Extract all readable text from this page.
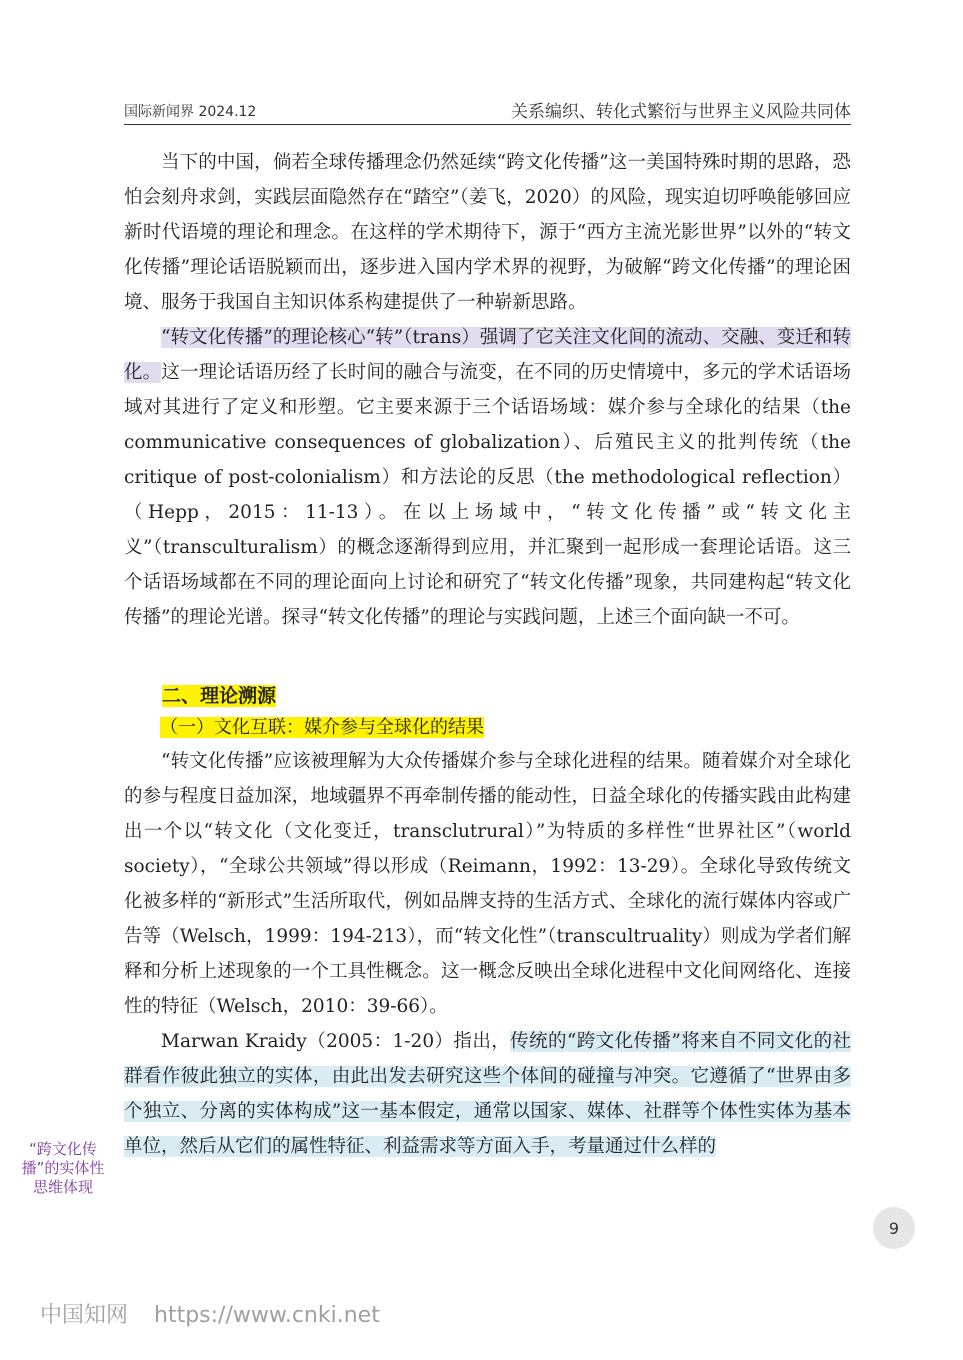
国际新闻界 2024.12	关系编织、转化式繁衍与世界主义风险共同体

当下的中国，倘若全球传播理念仍然延续“跨文化传播”这一美国特殊时期的思路，恐怕会刻舟求剑，实践层面隐然存在“踏空”（姜飞，2020）的风险，现实迫切呼唤能够回应新时代语境的理论和理念。在这样的学术期待下，源于“西方主流光影世界”以外的“转文化传播”理论话语脱颖而出，逐步进入国内学术界的视野，为破解“跨文化传播”的理论困境、服务于我国自主知识体系构建提供了一种崭新思路。

“转文化传播”的理论核心“转”（trans）强调了它关注文化间的流动、交融、变迁和转化。这一理论话语历经了长时间的融合与流变，在不同的历史情境中，多元的学术话语场域对其进行了定义和形塑。它主要来源于三个话语场域：媒介参与全球化的结果（the communicative consequences of globalization）、后殖民主义的批判传统（the critique of post-colonialism）和方法论的反思（the methodological reflection）（Hepp，2015：11-13）。在以上场域中，“转文化传播”或“转文化主义”（transculturalism）的概念逐渐得到应用，并汇聚到一起形成一套理论话语。这三个话语场域都在不同的理论面向上讨论和研究了“转文化传播”现象，共同建构起“转文化传播”的理论光谱。探寻“转文化传播”的理论与实践问题，上述三个面向缺一不可。

二、理论溯源
（一）文化互联：媒介参与全球化的结果

“转文化传播”应该被理解为大众传播媒介参与全球化进程的结果。随着媒介对全球化的参与程度日益加深，地域疆界不再牵制传播的能动性，日益全球化的传播实践由此构建出一个以“转文化（文化变迁，transclutrural）”为特质的多样性“世界社区”（world society），“全球公共领域”得以形成（Reimann，1992：13-29）。全球化导致传统文化被多样的“新形式”生活所取代，例如品牌支持的生活方式、全球化的流行媒体内容或广告等（Welsch，1999：194-213），而“转文化性”（transcultruality）则成为学者们解释和分析上述现象的一个工具性概念。这一概念反映出全球化进程中文化间网络化、连接性的特征（Welsch，2010：39-66）。

Marwan Kraidy（2005：1-20）指出，传统的“跨文化传播”将来自不同文化的社群看作彼此独立的实体，由此出发去研究这些个体间的碰撞与冲突。它遵循了“世界由多个独立、分离的实体构成”这一基本假定，通常以国家、媒体、社群等个体性实体为基本单位，然后从它们的属性特征、利益需求等方面入手，考量通过什么样的

“跨文化传播”的实体性思维体现
9
中国知网 https://www.cnki.net
